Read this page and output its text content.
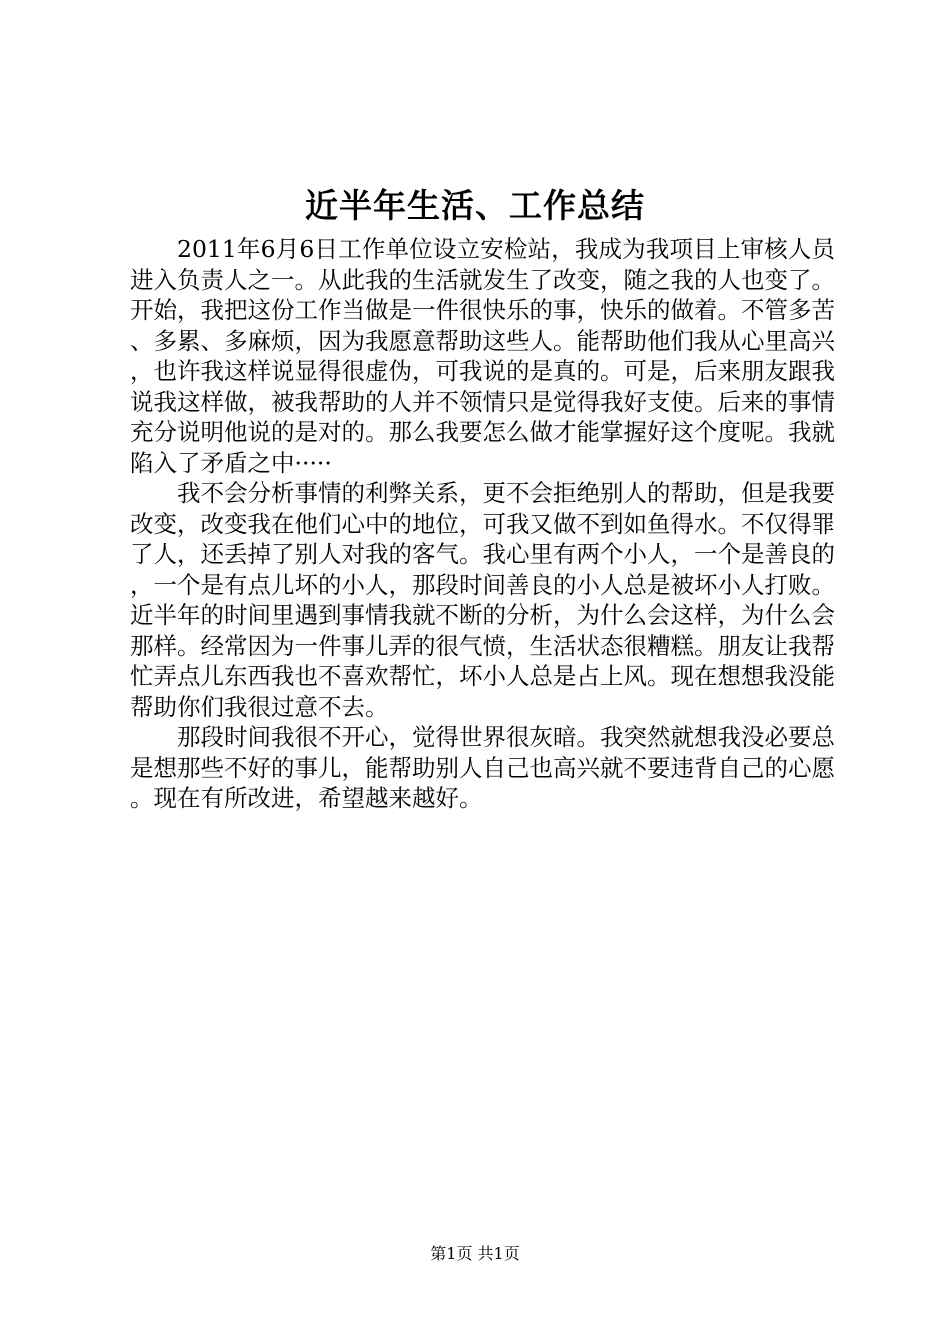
近半年生活、工作总结

2011年6月6日工作单位设立安检站，我成为我项目上审核人员进入负责人之一。从此我的生活就发生了改变，随之我的人也变了。开始，我把这份工作当做是一件很快乐的事，快乐的做着。不管多苦、多累、多麻烦，因为我愿意帮助这些人。能帮助他们我从心里高兴，也许我这样说显得很虚伪，可我说的是真的。可是，后来朋友跟我说我这样做，被我帮助的人并不领情只是觉得我好支使。后来的事情充分说明他说的是对的。那么我要怎么做才能掌握好这个度呢。我就陷入了矛盾之中·····

我不会分析事情的利弊关系，更不会拒绝别人的帮助，但是我要改变，改变我在他们心中的地位，可我又做不到如鱼得水。不仅得罪了人，还丢掉了别人对我的客气。我心里有两个小人，一个是善良的，一个是有点儿坏的小人，那段时间善良的小人总是被坏小人打败。近半年的时间里遇到事情我就不断的分析，为什么会这样，为什么会那样。经常因为一件事儿弄的很气愤，生活状态很糟糕。朋友让我帮忙弄点儿东西我也不喜欢帮忙，坏小人总是占上风。现在想想我没能帮助你们我很过意不去。

那段时间我很不开心，觉得世界很灰暗。我突然就想我没必要总是想那些不好的事儿，能帮助别人自己也高兴就不要违背自己的心愿。现在有所改进，希望越来越好。

第1页 共1页
